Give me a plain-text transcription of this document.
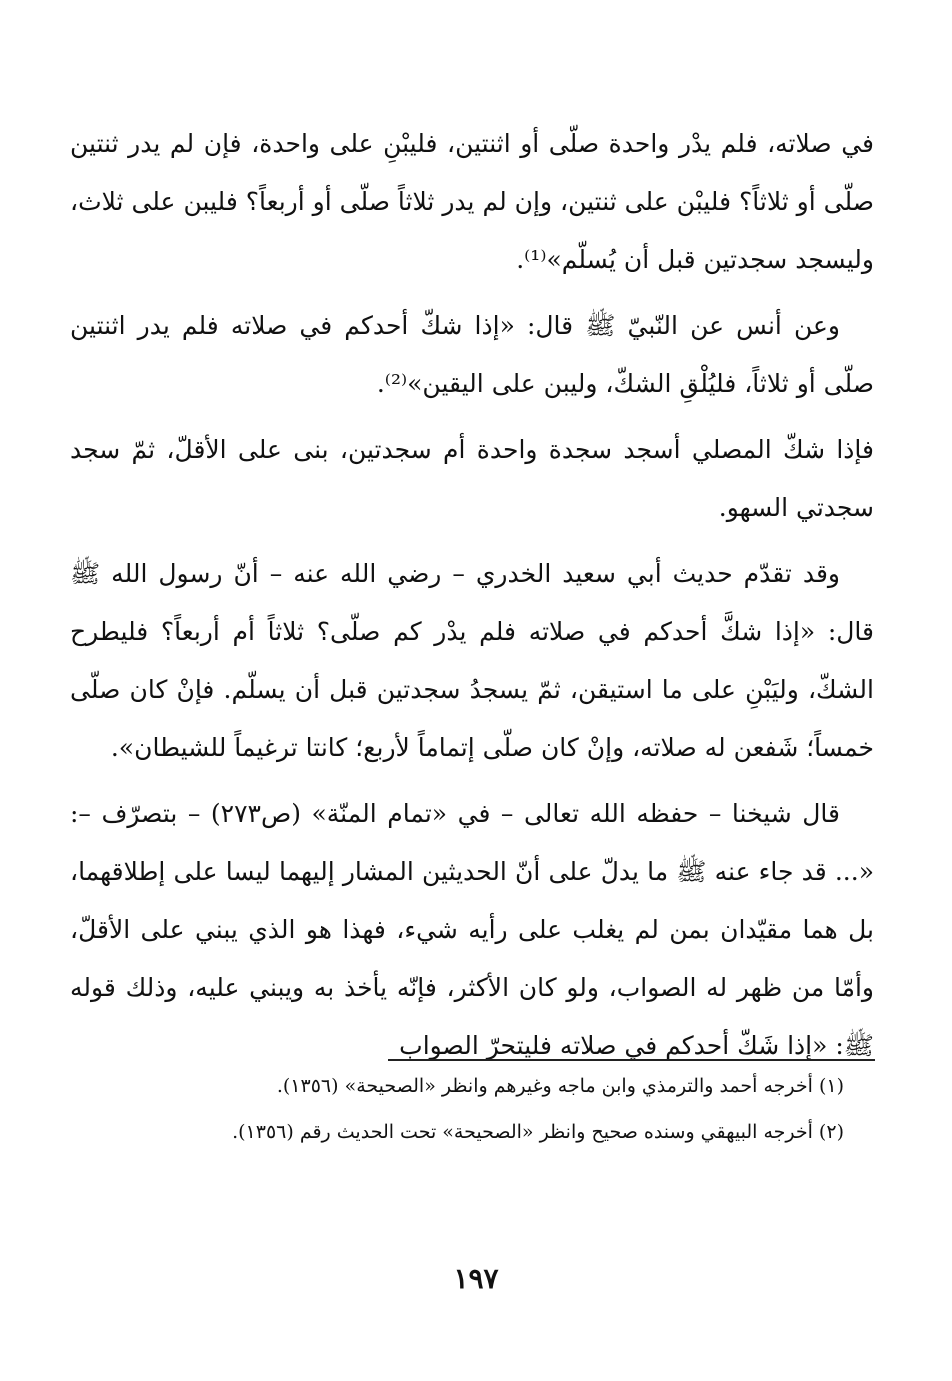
في صلاته، فلم يدْر واحدة صلّى أو اثنتين، فليبْنِ على واحدة، فإن لم يدر ثنتين صلّى أو ثلاثاً؟ فليبْن على ثنتين، وإن لم يدر ثلاثاً صلّى أو أربعاً؟ فليبن على ثلاث، وليسجد سجدتين قبل أن يُسلّم»⁽¹⁾.

وعن أنس عن النّبيّ ﷺ قال: «إذا شكّ أحدكم في صلاته فلم يدر اثنتين صلّى أو ثلاثاً، فليُلْقِ الشكّ، وليبن على اليقين»⁽²⁾.

فإذا شكّ المصلي أسجد سجدة واحدة أم سجدتين، بنى على الأقلّ، ثمّ سجد سجدتي السهو.

وقد تقدّم حديث أبي سعيد الخدري – رضي الله عنه – أنّ رسول الله ﷺ قال: «إذا شكَّ أحدكم في صلاته فلم يدْر كم صلّى؟ ثلاثاً أم أربعاً؟ فليطرح الشكّ، وليَبْنِ على ما استيقن، ثمّ يسجدُ سجدتين قبل أن يسلّم. فإنْ كان صلّى خمساً؛ شَفعن له صلاته، وإنْ كان صلّى إتماماً لأربع؛ كانتا ترغيماً للشيطان».

قال شيخنا – حفظه الله تعالى – في «تمام المنّة» (ص٢٧٣) – بتصرّف –: «... قد جاء عنه ﷺ ما يدلّ على أنّ الحديثين المشار إليهما ليسا على إطلاقهما، بل هما مقيّدان بمن لم يغلب على رأيه شيء، فهذا هو الذي يبني على الأقلّ، وأمّا من ظهر له الصواب، ولو كان الأكثر، فإنّه يأخذ به ويبني عليه، وذلك قوله ﷺ: «إذا شَكّ أحدكم في صلاته فليتحرّ الصواب

(١) أخرجه أحمد والترمذي وابن ماجه وغيرهم وانظر «الصحيحة» (١٣٥٦).

(٢) أخرجه البيهقي وسنده صحيح وانظر «الصحيحة» تحت الحديث رقم (١٣٥٦).

١٩٧
